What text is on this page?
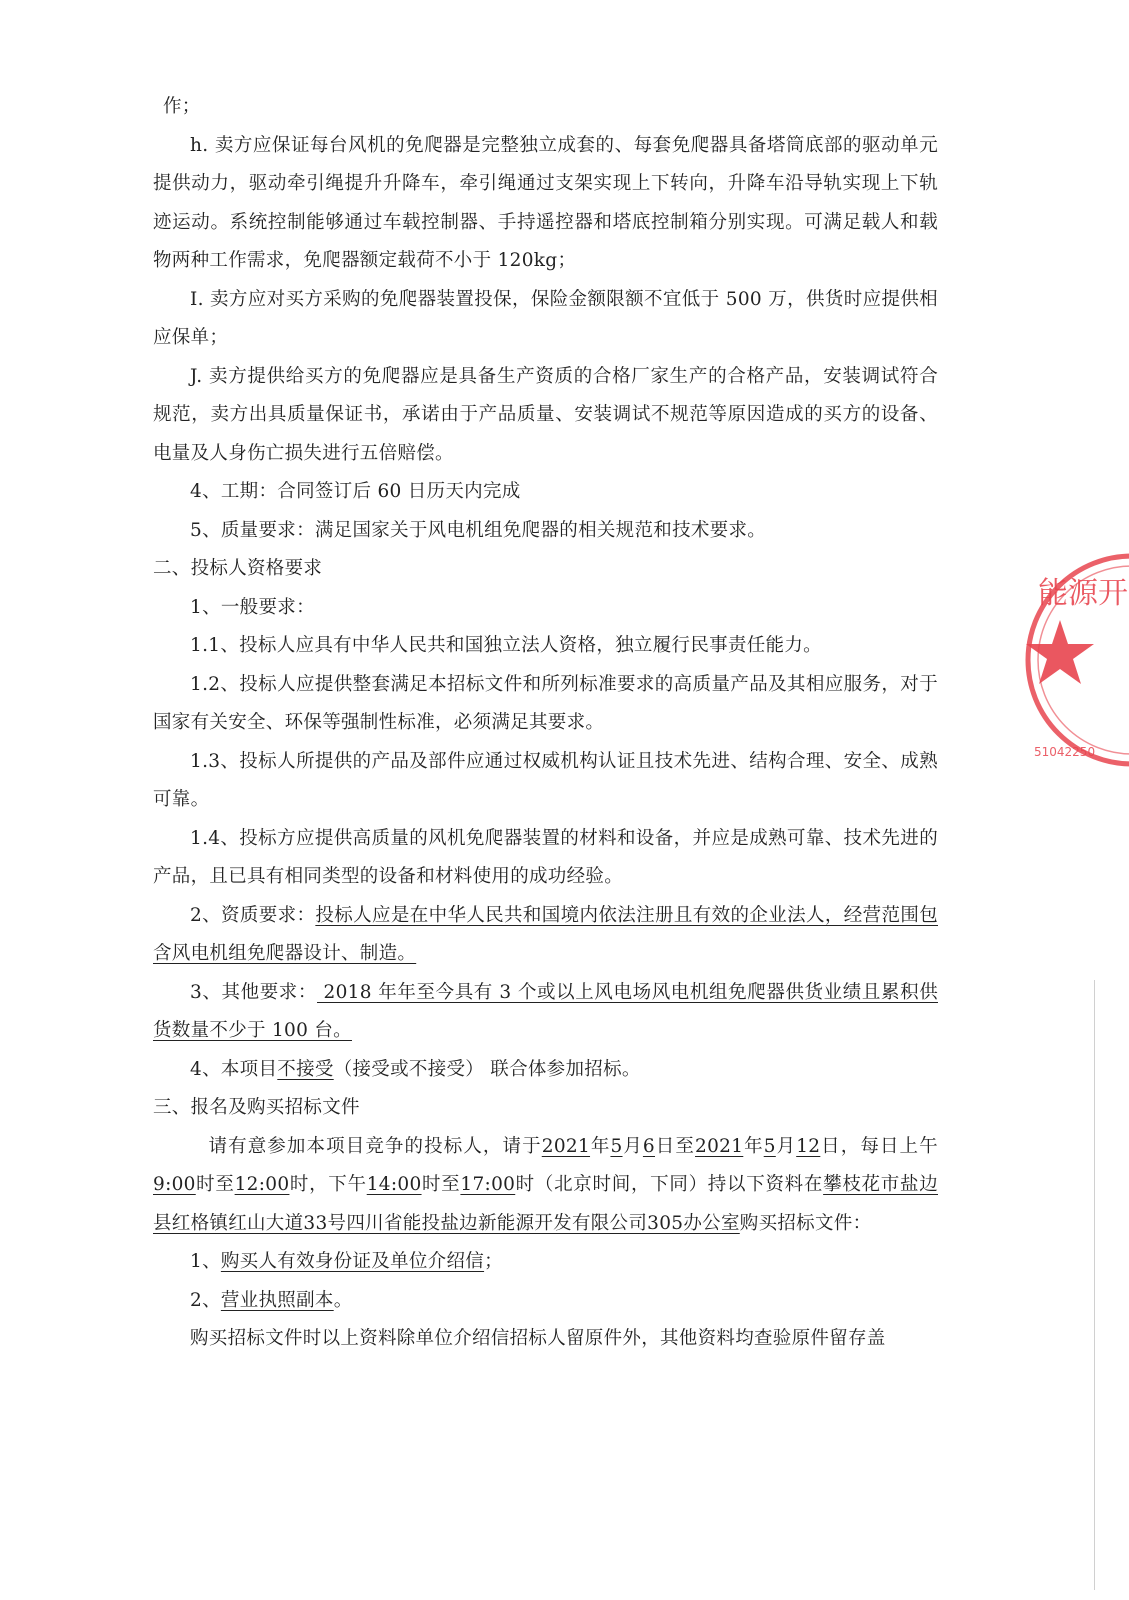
作；

h. 卖方应保证每台风机的免爬器是完整独立成套的、每套免爬器具备塔筒底部的驱动单元提供动力，驱动牵引绳提升升降车，牵引绳通过支架实现上下转向，升降车沿导轨实现上下轨迹运动。系统控制能够通过车载控制器、手持遥控器和塔底控制箱分别实现。可满足载人和载物两种工作需求，免爬器额定载荷不小于 120kg；

I. 卖方应对买方采购的免爬器装置投保，保险金额限额不宜低于 500 万，供货时应提供相应保单；

J. 卖方提供给买方的免爬器应是具备生产资质的合格厂家生产的合格产品，安装调试符合规范，卖方出具质量保证书，承诺由于产品质量、安装调试不规范等原因造成的买方的设备、电量及人身伤亡损失进行五倍赔偿。

4、工期：合同签订后 60 日历天内完成

5、质量要求：满足国家关于风电机组免爬器的相关规范和技术要求。

二、投标人资格要求

1、一般要求：

1.1、投标人应具有中华人民共和国独立法人资格，独立履行民事责任能力。

1.2、投标人应提供整套满足本招标文件和所列标准要求的高质量产品及其相应服务，对于国家有关安全、环保等强制性标准，必须满足其要求。

1.3、投标人所提供的产品及部件应通过权威机构认证且技术先进、结构合理、安全、成熟可靠。

1.4、投标方应提供高质量的风机免爬器装置的材料和设备，并应是成熟可靠、技术先进的产品，且已具有相同类型的设备和材料使用的成功经验。

2、资质要求：投标人应是在中华人民共和国境内依法注册且有效的企业法人，经营范围包含风电机组免爬器设计、制造。

3、其他要求： 2018 年年至今具有 3 个或以上风电场风电机组免爬器供货业绩且累积供货数量不少于 100 台。

4、本项目不接受（接受或不接受） 联合体参加招标。

三、报名及购买招标文件

请有意参加本项目竞争的投标人，请于2021年5月6日至2021年5月12日，每日上午9:00时至12:00时，下午14:00时至17:00时（北京时间，下同）持以下资料在攀枝花市盐边县红格镇红山大道33号四川省能投盐边新能源开发有限公司305办公室购买招标文件：

1、购买人有效身份证及单位介绍信；

2、营业执照副本。

购买招标文件时以上资料除单位介绍信招标人留原件外，其他资料均查验原件留存盖

能源开
51042250
